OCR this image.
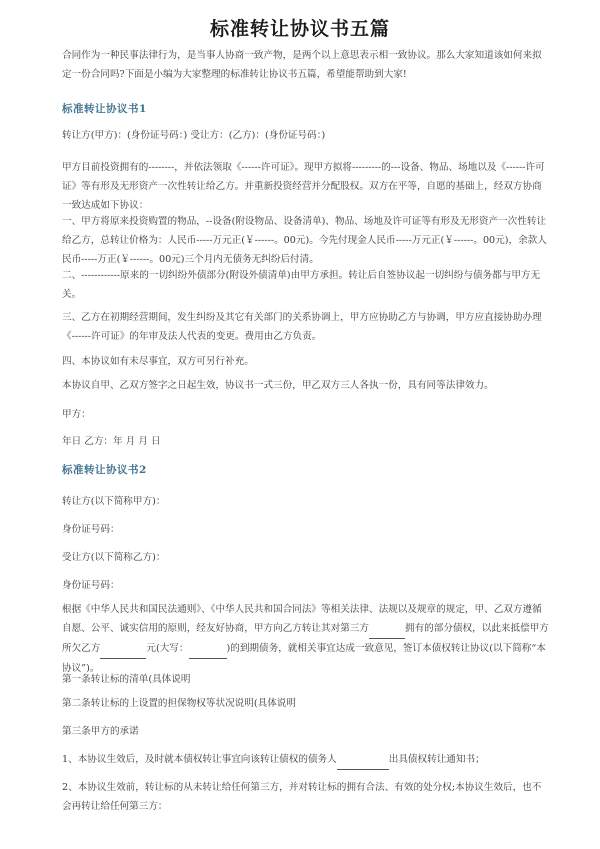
标准转让协议书五篇
合同作为一种民事法律行为，是当事人协商一致产物，是两个以上意思表示相一致协议。那么大家知道该如何来拟定一份合同吗?下面是小编为大家整理的标准转让协议书五篇，希望能帮助到大家!
标准转让协议书1
转让方(甲方)：(身份证号码：) 受让方：(乙方)：(身份证号码：)
甲方目前投资拥有的--------，并依法领取《------许可证》。现甲方拟将---------的---设备、物品、场地以及《------许可证》等有形及无形资产一次性转让给乙方。并重新投资经营并分配股权。双方在平等，自愿的基础上，经双方协商一致达成如下协议：
一、甲方将原来投资购置的物品，--设备(附设物品、设备清单)、物品、场地及许可证等有形及无形资产一次性转让给乙方，总转让价格为：人民币-----万元正(￥------。00元)。今先付现金人民币-----万元正(￥------。00元)，余款人民币-----万正(￥------。00元)三个月内无债务无纠纷后付清。
二、------------原来的一切纠纷外债部分(附设外债清单)由甲方承担。转让后自签协议起一切纠纷与债务都与甲方无关。
三、乙方在初期经营期间，发生纠纷及其它有关部门的关系协调上，甲方应协助乙方与协调，甲方应直接协助办理《------许可证》的年审及法人代表的变更。费用由乙方负责。
四、本协议如有未尽事宜，双方可另行补充。
本协议自甲、乙双方签字之日起生效，协议书一式三份，甲乙双方三人各执一份，具有同等法律效力。
甲方：
年日 乙方：年 月 月 日
标准转让协议书2
转让方(以下简称甲方)：
身份证号码：
受让方(以下简称乙方)：
身份证号码：
根据《中华人民共和国民法通则》、《中华人民共和国合同法》等相关法律、法规以及规章的规定，甲、乙双方遵循自愿、公平、诚实信用的原则，经友好协商，甲方向乙方转让其对第三方	拥有的部分债权，以此来抵偿甲方所欠乙方	元(大写：	)的到期债务，就相关事宜达成一致意见，签订本债权转让协议(以下简称“本协议”)。
第一条转让标的清单(具体说明
第二条转让标的上设置的担保物权等状况说明(具体说明
第三条甲方的承诺
1、本协议生效后，及时就本债权转让事宜向该转让债权的债务人	出具债权转让通知书；
2、本协议生效前，转让标的从未转让给任何第三方，并对转让标的拥有合法、有效的处分权;本协议生效后，也不会再转让给任何第三方：
